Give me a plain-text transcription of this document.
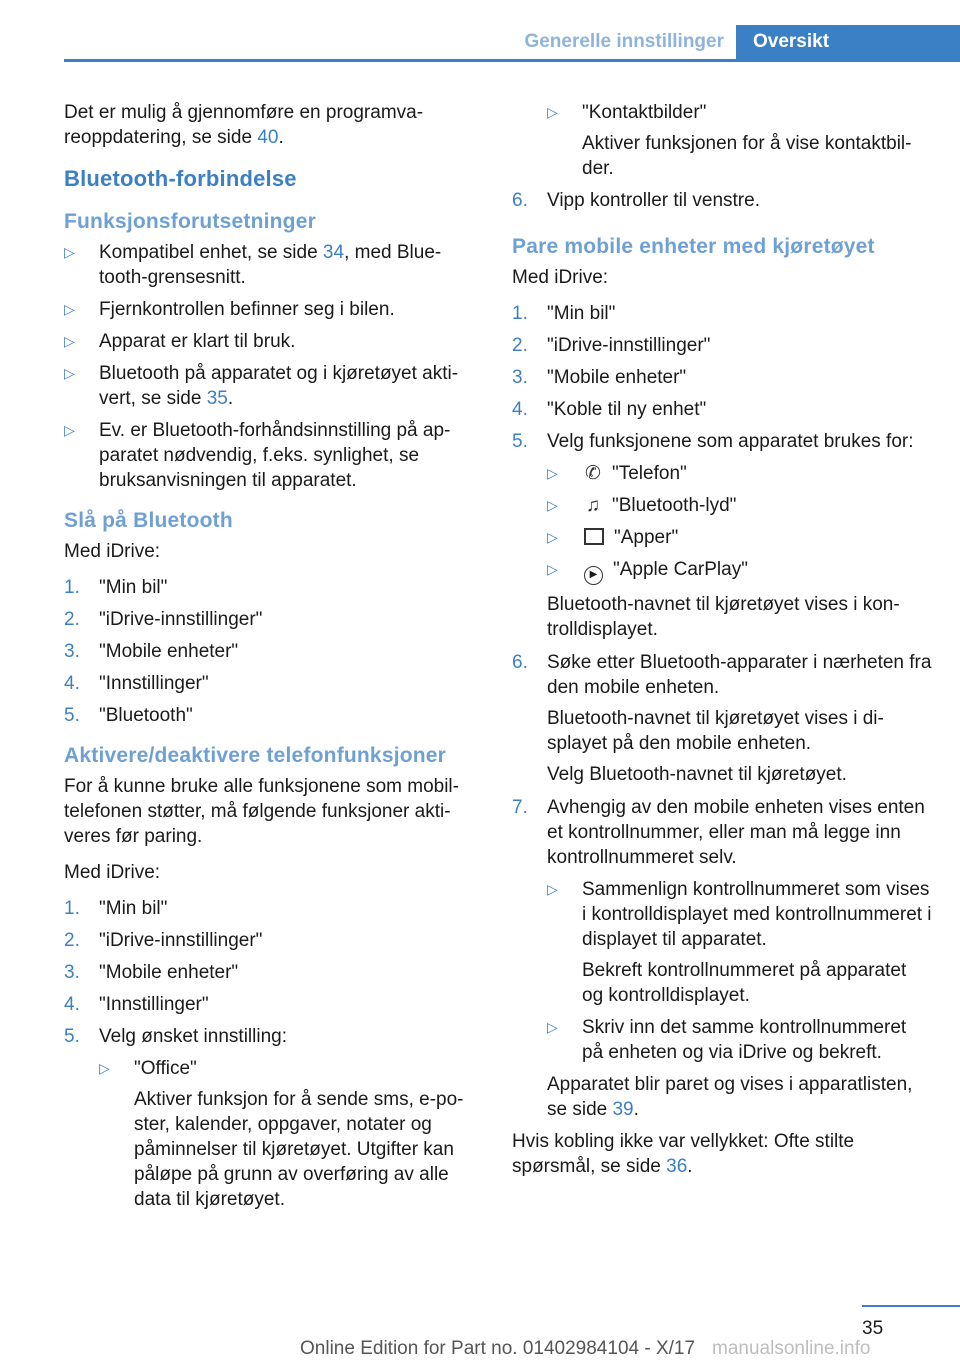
Generelle innstillinger	Oversikt

Det er mulig å gjennomføre en programvareoppdatering, se side 40.

Bluetooth-forbindelse
Funksjonsforutsetninger
▷ Kompatibel enhet, se side 34, med Bluetooth-grensesnitt.
▷ Fjernkontrollen befinner seg i bilen.
▷ Apparat er klart til bruk.
▷ Bluetooth på apparatet og i kjøretøyet aktivert, se side 35.
▷ Ev. er Bluetooth-forhåndsinnstilling på apparatet nødvendig, f.eks. synlighet, se bruksanvisningen til apparatet.
Slå på Bluetooth

Med iDrive:

1. "Min bil"
2. "iDrive-innstillinger"
3. "Mobile enheter"
4. "Innstillinger"
5. "Bluetooth"
Aktivere/deaktivere telefonfunksjoner

For å kunne bruke alle funksjonene som mobiltelefonen støtter, må følgende funksjoner aktiveres før paring.

Med iDrive:

1. "Min bil"
2. "iDrive-innstillinger"
3. "Mobile enheter"
4. "Innstillinger"
5. Velg ønsket innstilling:
▷ "Office"
Aktiver funksjon for å sende sms, e-poster, kalender, oppgaver, notater og påminnelser til kjøretøyet. Utgifter kan påløpe på grunn av overføring av alle data til kjøretøyet.
▷ "Kontaktbilder"
Aktiver funksjonen for å vise kontaktbilder.
6. Vipp kontroller til venstre.
Pare mobile enheter med kjøretøyet

Med iDrive:

1. "Min bil"
2. "iDrive-innstillinger"
3. "Mobile enheter"
4. "Koble til ny enhet"
5. Velg funksjonene som apparatet brukes for:
▷ ✆ "Telefon"
▷ ♫ "Bluetooth-lyd"
▷	"Apper"
▷	▶ "Apple CarPlay"
Bluetooth-navnet til kjøretøyet vises i kontrolldisplayet.
6. Søke etter Bluetooth-apparater i nærheten fra den mobile enheten.
Bluetooth-navnet til kjøretøyet vises i displayet på den mobile enheten.
Velg Bluetooth-navnet til kjøretøyet.
7. Avhengig av den mobile enheten vises enten et kontrollnummer, eller man må legge inn kontrollnummeret selv.
▷ Sammenlign kontrollnummeret som vises i kontrolldisplayet med kontrollnummeret i displayet til apparatet.
Bekreft kontrollnummeret på apparatet og kontrolldisplayet.
▷ Skriv inn det samme kontrollnummeret på enheten og via iDrive og bekreft.
Apparatet blir paret og vises i apparatlisten, se side 39.

Hvis kobling ikke var vellykket: Ofte stilte spørsmål, se side 36.

35
Online Edition for Part no. 01402984104 - X/17 manualsonline.info
